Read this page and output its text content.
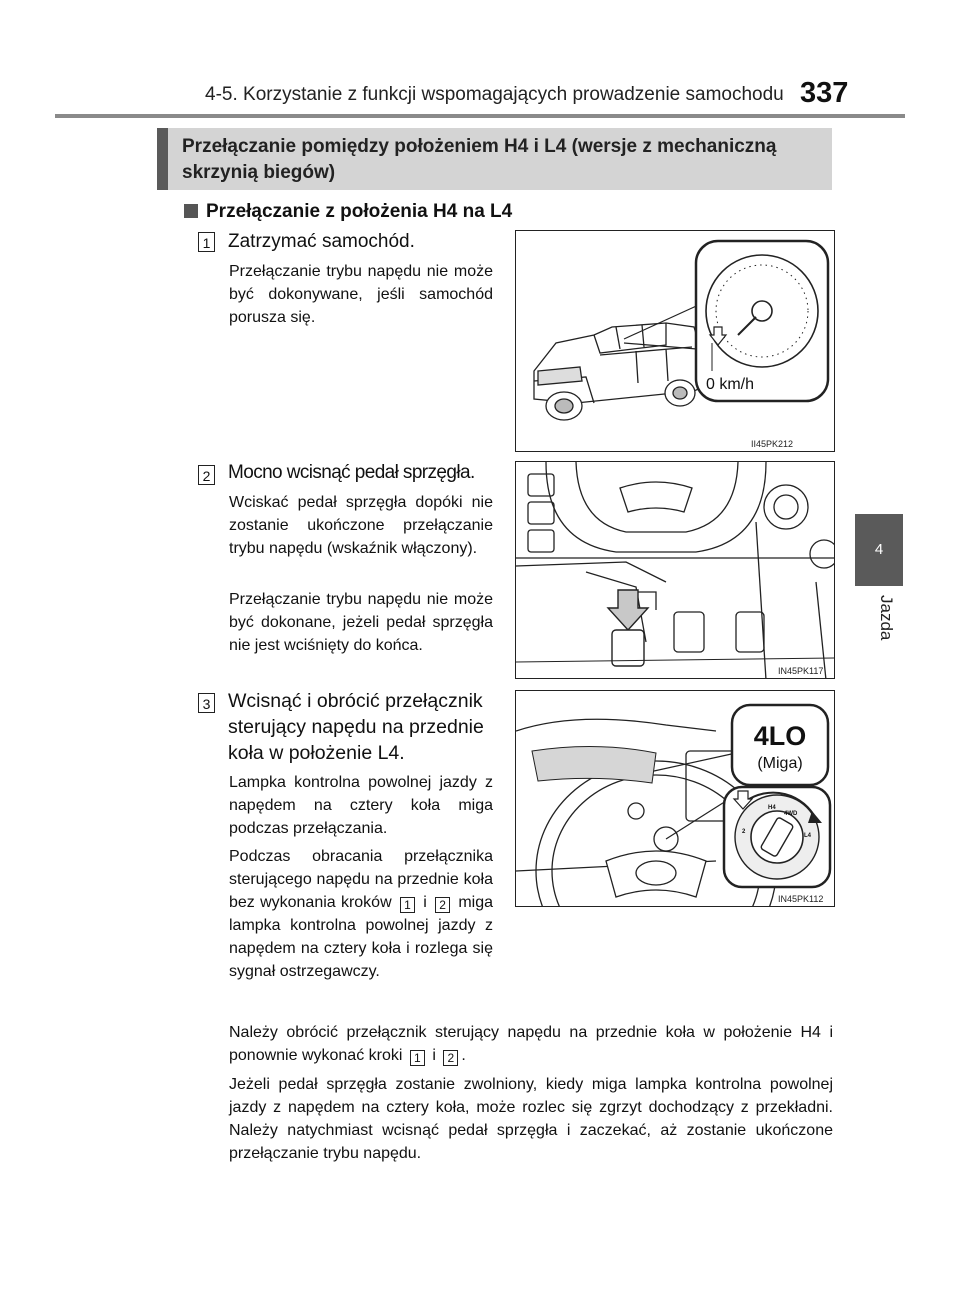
4-5. Korzystanie z funkcji wspomagających prowadzenie samochodu 337
4
Jazda
Przełączanie pomiędzy położeniem H4 i L4 (wersje z mechaniczną skrzynią biegów)
Przełączanie z położenia H4 na L4
1 Zatrzymać samochód.
Przełączanie trybu napędu nie może być dokonywane, jeśli samochód porusza się.
0 km/h
II45PK212
2 Mocno wcisnąć pedał sprzęgła.
Wciskać pedał sprzęgła dopóki nie zostanie ukończone przełączanie trybu napędu (wskaźnik włączony).
Przełączanie trybu napędu nie może być dokonane, jeżeli pedał sprzęgła nie jest wciśnięty do końca.
IN45PK117
3 Wcisnąć i obrócić przełącznik sterujący napędu na przednie koła w położenie L4.
Lampka kontrolna powolnej jazdy z napędem na cztery koła miga podczas przełączania.
Podczas obracania przełącznika sterującego napędu na przednie koła bez wykonania kroków 1 i 2 miga lampka kontrolna powolnej jazdy z napędem na cztery koła i rozlega się sygnał ostrzegawczy.
4LO
(Miga)
H4
4WD
L4
2
IN45PK112
Należy obrócić przełącznik sterujący napędu na przednie koła w położenie H4 i ponownie wykonać kroki 1 i 2 .
Jeżeli pedał sprzęgła zostanie zwolniony, kiedy miga lampka kontrolna powolnej jazdy z napędem na cztery koła, może rozlec się zgrzyt dochodzący z przekładni. Należy natychmiast wcisnąć pedał sprzęgła i zaczekać, aż zostanie ukończone przełączanie trybu napędu.
